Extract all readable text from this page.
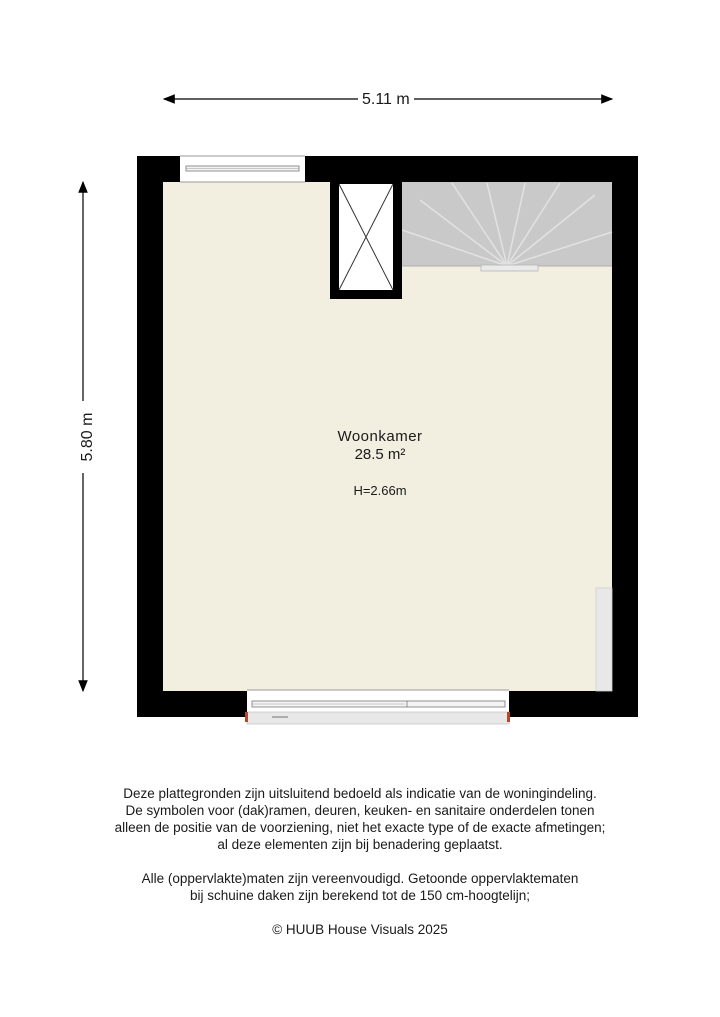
5.11 m
5.80 m	Woonkamer
28.5 m²
H=2.66m

Deze plattegronden zijn uitsluitend bedoeld als indicatie van de woningindeling.

De symbolen voor (dak)ramen, deuren, keuken- en sanitaire onderdelen tonen

alleen de positie van de voorziening, niet het exacte type of de exacte afmetingen;

al deze elementen zijn bij benadering geplaatst.

Alle (oppervlakte)maten zijn vereenvoudigd. Getoonde oppervlaktematen

bij schuine daken zijn berekend tot de 150 cm-hoogtelijn;

© HUUB House Visuals 2025
